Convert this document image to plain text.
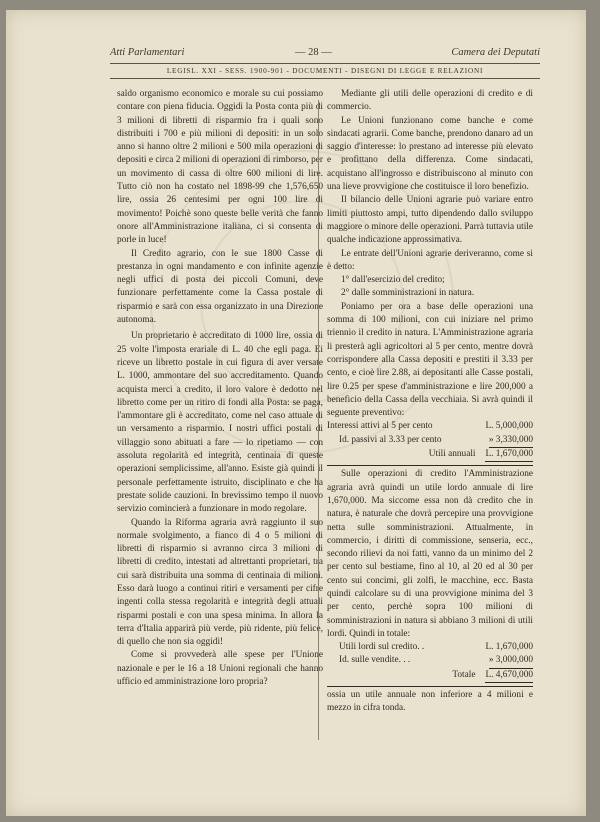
Atti Parlamentari	— 28 —	Camera dei Deputati
LEGISL. XXI - SESS. 1900-901 - DOCUMENTI - DISEGNI DI LEGGE E RELAZIONI

saldo organismo economico e morale su cui possiamo contare con piena fiducia. Oggidì la Posta conta più di 3 milioni di libretti di risparmio fra i quali sono distribuiti i 700 e più milioni di depositi: in un solo anno si hanno oltre 2 milioni e 500 mila operazioni di depositi e circa 2 milioni di operazioni di rimborso, per un movimento di cassa di oltre 600 milioni di lire. Tutto ciò non ha costato nel 1898-99 che 1,576,650 lire, ossia 26 centesimi per ogni 100 lire di movimento! Poichè sono queste belle verità che fanno onore all'Amministrazione italiana, ci si consenta di porle in luce!

Il Credito agrario, con le sue 1800 Casse di prestanza in ogni mandamento e con infinite agenzie negli uffici di posta dei piccoli Comuni, deve funzionare perfettamente come la Cassa postale di risparmio e sarà con essa organizzato in una Direzione autonoma.

Un proprietario è accreditato di 1000 lire, ossia di 25 volte l'imposta erariale di L. 40 che egli paga. Ei riceve un libretto postale in cui figura di aver versate L. 1000, ammontare del suo accreditamento. Quando acquista merci a credito, il loro valore è dedotto nel libretto come per un ritiro di fondi alla Posta: se paga, l'ammontare gli è accreditato, come nel caso attuale di un versamento a risparmio. I nostri uffici postali di villaggio sono abituati a fare — lo ripetiamo — con assoluta regolarità ed integrità, centinaia di queste operazioni semplicissime, all'anno. Esiste già quindi il personale perfettamente istruito, disciplinato e che ha prestate solide cauzioni. In brevissimo tempo il nuovo servizio comincierà a funzionare in modo regolare.

Quando la Riforma agraria avrà raggiunto il suo normale svolgimento, a fianco di 4 o 5 milioni di libretti di risparmio si avranno circa 3 milioni di libretti di credito, intestati ad altrettanti proprietari, tra cui sarà distribuita una somma di centinaia di milioni. Esso darà luogo a continui ritiri e versamenti per cifre ingenti colla stessa regolarità e integrità degli attuali risparmi postali e con una spesa minima. In allora la terra d'Italia apparirà più verde, più ridente, più felice, di quello che non sia oggidì!

Come si provvederà alle spese per l'Unione nazionale e per le 16 a 18 Unioni regionali che hanno ufficio ed amministrazione loro propria?

Mediante gli utili delle operazioni di credito e di commercio.

Le Unioni funzionano come banche e come sindacati agrarii. Come banche, prendono danaro ad un saggio d'interesse: lo prestano ad interesse più elevato e profittano della differenza. Come sindacati, acquistano all'ingrosso e distribuiscono al minuto con una lieve provvigione che costituisce il loro benefizio.

Il bilancio delle Unioni agrarie può variare entro limiti piuttosto ampi, tutto dipendendo dallo sviluppo maggiore o minore delle operazioni. Parrà tuttavia utile qualche indicazione approssimativa.

Le entrate dell'Unioni agrarie deriveranno, come si è detto:

1° dall'esercizio del credito;

2° dalle somministrazioni in natura.

Poniamo per ora a base delle operazioni una somma di 100 milioni, con cui iniziare nel primo triennio il credito in natura. L'Amministrazione agraria li presterà agli agricoltori al 5 per cento, mentre dovrà corrispondere alla Cassa depositi e prestiti il 3.33 per cento, e cioè lire 2.88, ai depositanti alle Casse postali, lire 0.25 per spese d'amministrazione e lire 200,000 a beneficio della Cassa della vecchiaia. Si avrà quindi il seguente preventivo:

Interessi attivi al 5 per cento	L. 5,000,000
Id. passivi al 3.33 per cento	» 3,330,000
Utili annuali L. 1,670,000

Sulle operazioni di credito l'Amministrazione agraria avrà quindi un utile lordo annuale di lire 1,670,000. Ma siccome essa non dà credito che in natura, è naturale che dovrà percepire una provvigione netta sulle somministrazioni. Attualmente, in commercio, i diritti di commissione, senseria, ecc., secondo rilievi da noi fatti, vanno da un minimo del 2 per cento sul bestiame, fino al 10, al 20 ed al 30 per cento sui concimi, gli zolfi, le macchine, ecc. Basta quindi calcolare su di una provvigione minima del 3 per cento, perchè sopra 100 milioni di somministrazioni in natura si abbiano 3 milioni di utili lordi. Quindi in totale:

Utili lordi sul credito. .	L. 1,670,000
Id. sulle vendite. . .	» 3,000,000
Totale L. 4,670,000

ossia un utile annuale non inferiore a 4 milioni e mezzo in cifra tonda.
